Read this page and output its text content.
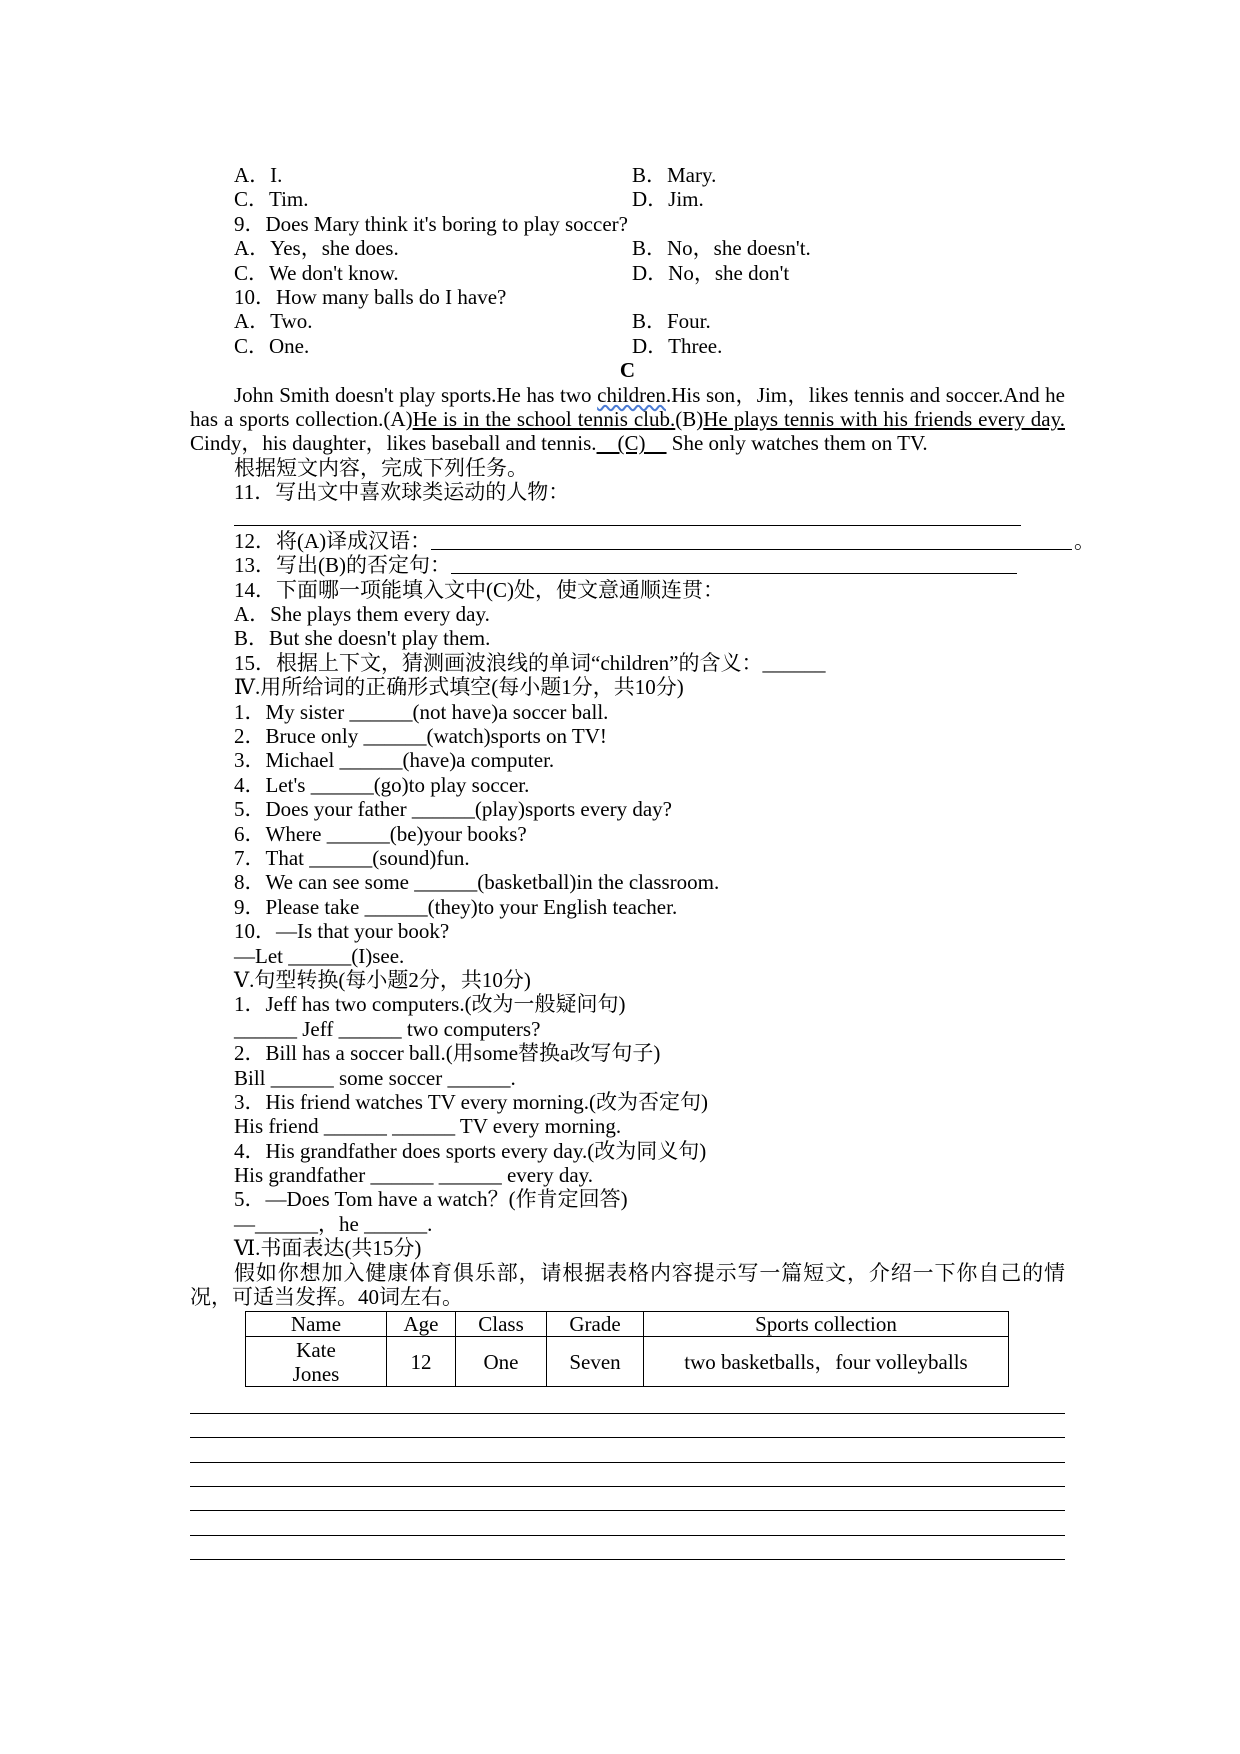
A．I.	B．Mary.
C．Tim.	D．Jim.
9．Does Mary think it's boring to play soccer?
A．Yes，she does.	B．No，she doesn't.
C．We don't know.	D．No，she don't
10．How many balls do I have?
A．Two.	B．Four.
C．One.	D．Three.
C
John Smith doesn't play sports.He has two children.His son，Jim，likes tennis and soccer.And he has a sports collection.(A)He is in the school tennis club.(B)He plays tennis with his friends every day. Cindy，his daughter，likes baseball and tennis.　(C)　 She only watches them on TV.
根据短文内容，完成下列任务。
11．写出文中喜欢球类运动的人物：
12．将(A)译成汉语：	。
13．写出(B)的否定句：
14．下面哪一项能填入文中(C)处，使文意通顺连贯：
A．She plays them every day.
B．But she doesn't play them.
15．根据上下文，猜测画波浪线的单词“children”的含义：______
Ⅳ.用所给词的正确形式填空(每小题1分，共10分)
1．My sister ______(not have)a soccer ball.
2．Bruce only ______(watch)sports on TV!
3．Michael ______(have)a computer.
4．Let's ______(go)to play soccer.
5．Does your father ______(play)sports every day?
6．Where ______(be)your books?
7．That ______(sound)fun.
8．We can see some ______(basketball)in the classroom.
9．Please take ______(they)to your English teacher.
10．—Is that your book?
—Let ______(I)see.
Ⅴ.句型转换(每小题2分，共10分)
1．Jeff has two computers.(改为一般疑问句)
______ Jeff ______ two computers?
2．Bill has a soccer ball.(用some替换a改写句子)
Bill ______ some soccer ______.
3．His friend watches TV every morning.(改为否定句)
His friend ______ ______ TV every morning.
4．His grandfather does sports every day.(改为同义句)
His grandfather ______ ______ every day.
5．—Does Tom have a watch？(作肯定回答)
—______，he ______.
Ⅵ.书面表达(共15分)
假如你想加入健康体育俱乐部，请根据表格内容提示写一篇短文，介绍一下你自己的情况，可适当发挥。40词左右。
Name	Age	Class	Grade	Sports collection
Kate Jones	12	One	Seven	two basketballs，four volleyballs
